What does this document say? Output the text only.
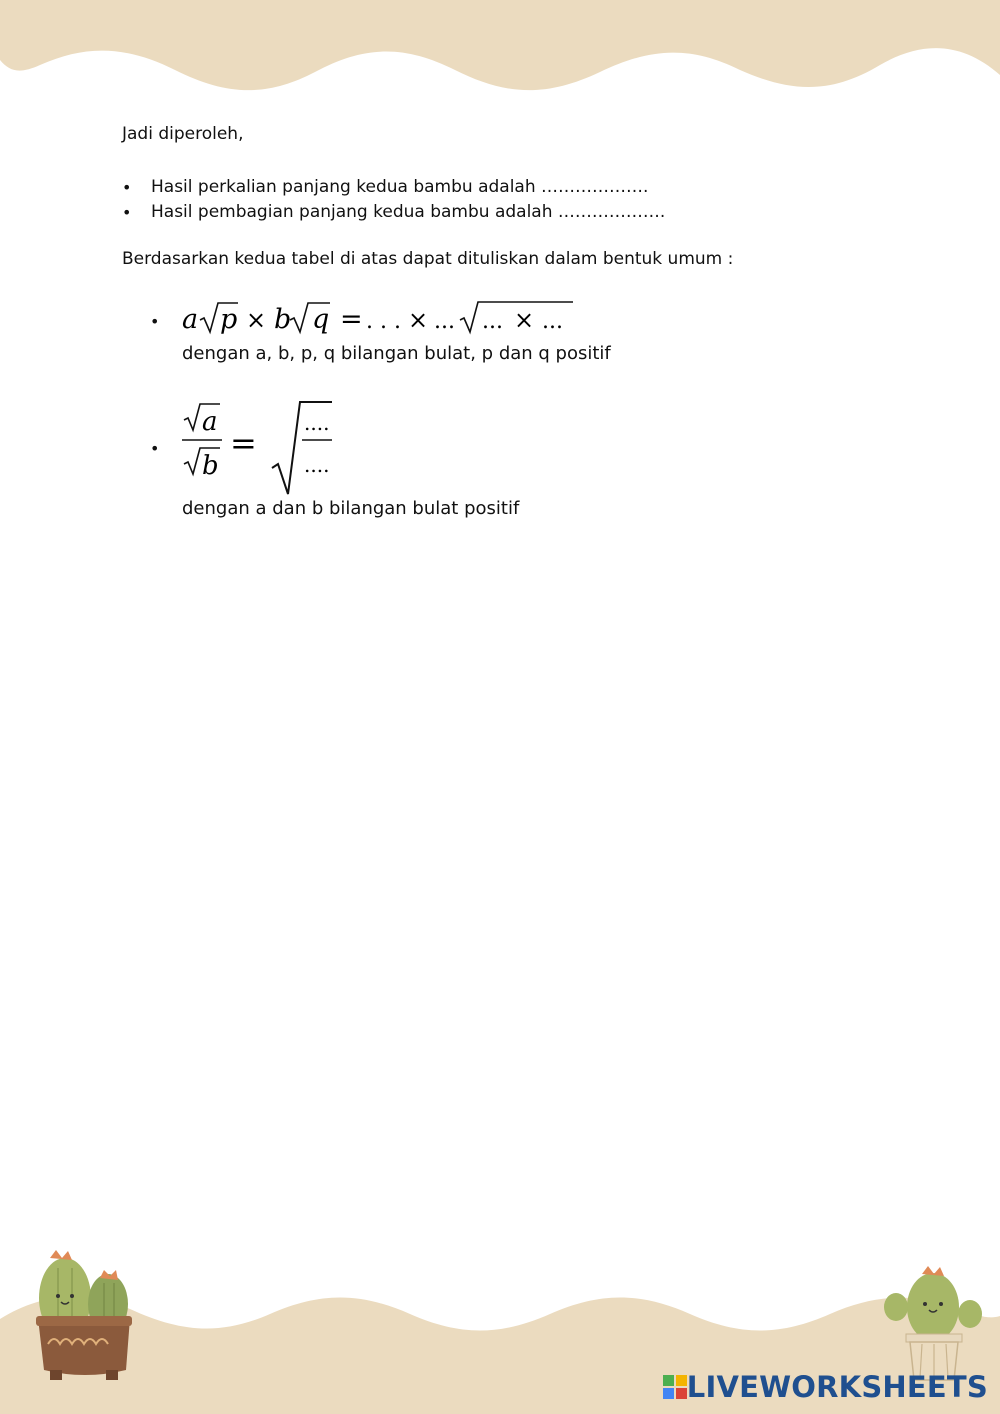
Jadi diperoleh,
• Hasil perkalian panjang kedua bambu adalah ……………….
• Hasil pembagian panjang kedua bambu adalah ……………….
Berdasarkan kedua tabel di atas dapat dituliskan dalam bentuk umum :
• a p × b q = . . . × ... ... × ...
dengan a, b, p, q bilangan bulat, p dan q positif
•
a
b
=
....
....
dengan a dan b bilangan bulat positif
LIVEWORKSHEETS
